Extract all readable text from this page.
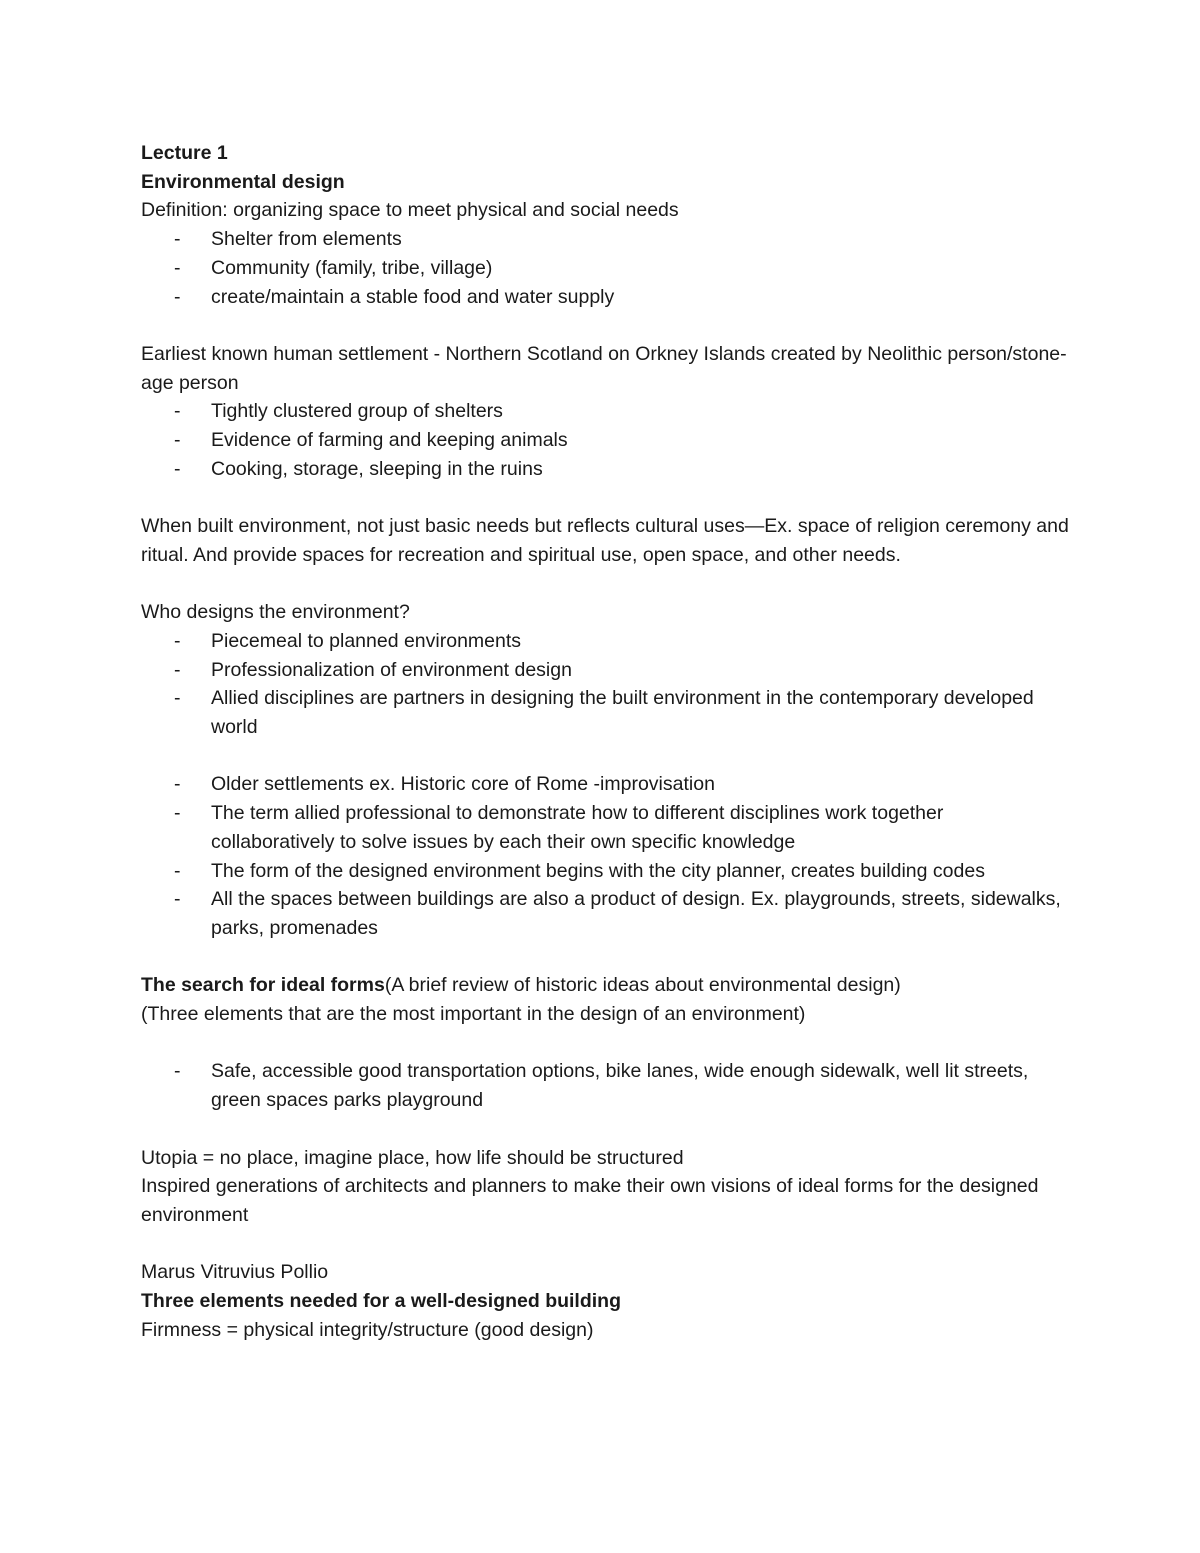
Lecture 1

Environmental design

Definition: organizing space to meet physical and social needs

- Shelter from elements
- Community (family, tribe, village)
- create/maintain a stable food and water supply

Earliest known human settlement - Northern Scotland on Orkney Islands created by Neolithic person/stone-age person

- Tightly clustered group of shelters
- Evidence of farming and keeping animals
- Cooking, storage, sleeping in the ruins

When built environment, not just basic needs but reflects cultural uses—Ex. space of religion ceremony and ritual. And provide spaces for recreation and spiritual use, open space, and other needs.

Who designs the environment?

- Piecemeal to planned environments
- Professionalization of environment design
- Allied disciplines are partners in designing the built environment in the contemporary developed world
- Older settlements ex. Historic core of Rome -improvisation
- The term allied professional to demonstrate how to different disciplines work together collaboratively to solve issues by each their own specific knowledge
- The form of the designed environment begins with the city planner, creates building codes
- All the spaces between buildings are also a product of design. Ex. playgrounds, streets, sidewalks, parks, promenades

The search for ideal forms(A brief review of historic ideas about environmental design)

(Three elements that are the most important in the design of an environment)

- Safe, accessible good transportation options, bike lanes, wide enough sidewalk, well lit streets, green spaces parks playground

Utopia = no place, imagine place, how life should be structured

Inspired generations of architects and planners to make their own visions of ideal forms for the designed environment

Marus Vitruvius Pollio

Three elements needed for a well-designed building

Firmness = physical integrity/structure (good design)
